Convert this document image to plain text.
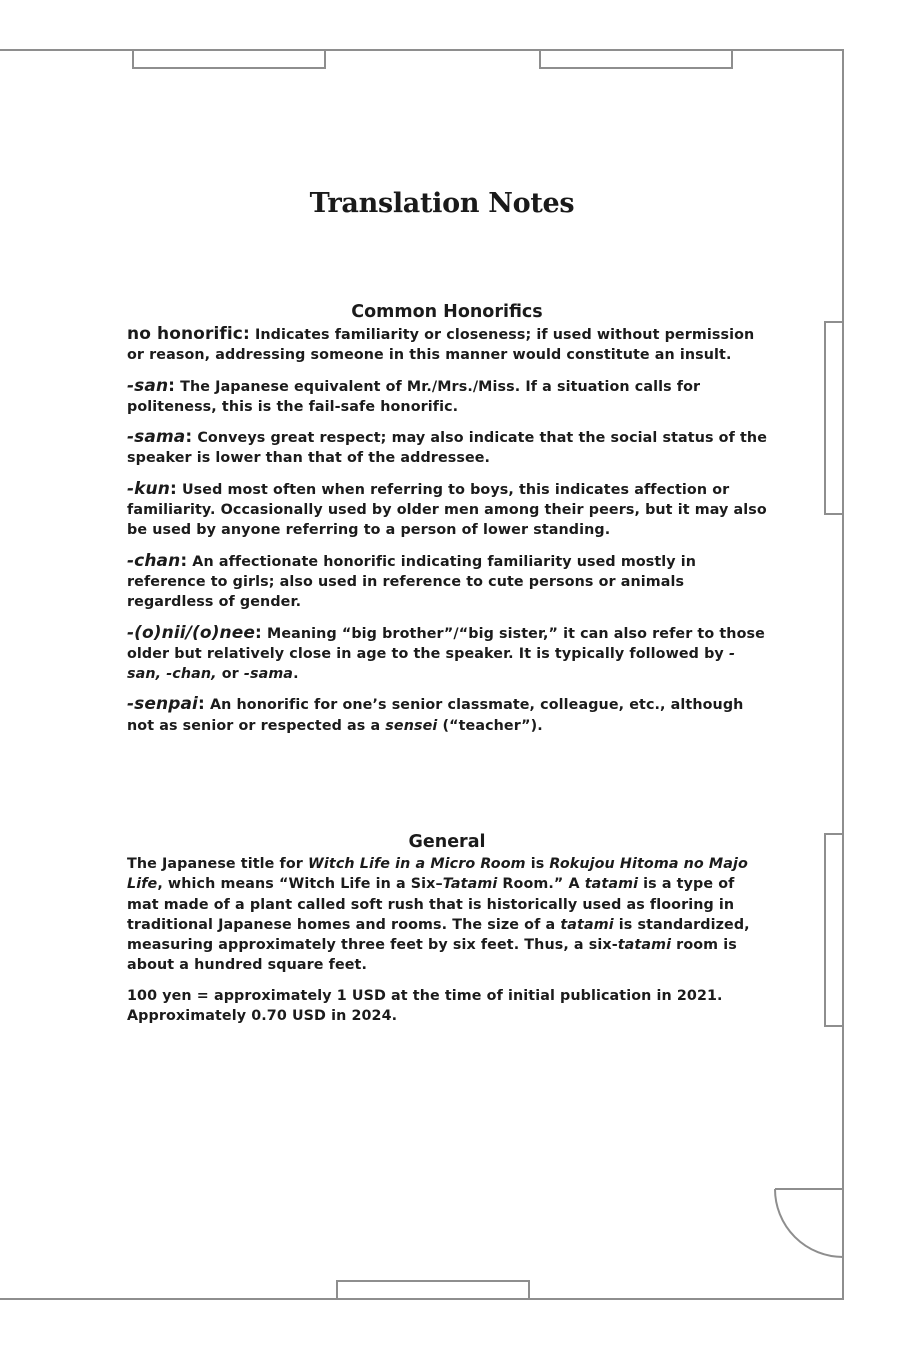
Translation Notes
Common Honorifics

no honorific: Indicates familiarity or closeness; if used without permission or reason, addressing someone in this manner would constitute an insult.

-san: The Japanese equivalent of Mr./Mrs./Miss. If a situation calls for politeness, this is the fail-safe honorific.

-sama: Conveys great respect; may also indicate that the social status of the speaker is lower than that of the addressee.

-kun: Used most often when referring to boys, this indicates affection or familiarity. Occasionally used by older men among their peers, but it may also be used by anyone referring to a person of lower standing.

-chan: An affectionate honorific indicating familiarity used mostly in reference to girls; also used in reference to cute persons or animals regardless of gender.

-(o)nii/(o)nee: Meaning “big brother”/“big sister,” it can also refer to those older but relatively close in age to the speaker. It is typically followed by -san, -chan, or -sama.

-senpai: An honorific for one’s senior classmate, colleague, etc., although not as senior or respected as a sensei (“teacher”).

General

The Japanese title for Witch Life in a Micro Room is Rokujou Hitoma no Majo Life, which means “Witch Life in a Six–Tatami Room.” A tatami is a type of mat made of a plant called soft rush that is historically used as flooring in traditional Japanese homes and rooms. The size of a tatami is standardized, measuring approximately three feet by six feet. Thus, a six-tatami room is about a hundred square feet.

100 yen = approximately 1 USD at the time of initial publication in 2021. Approximately 0.70 USD in 2024.
